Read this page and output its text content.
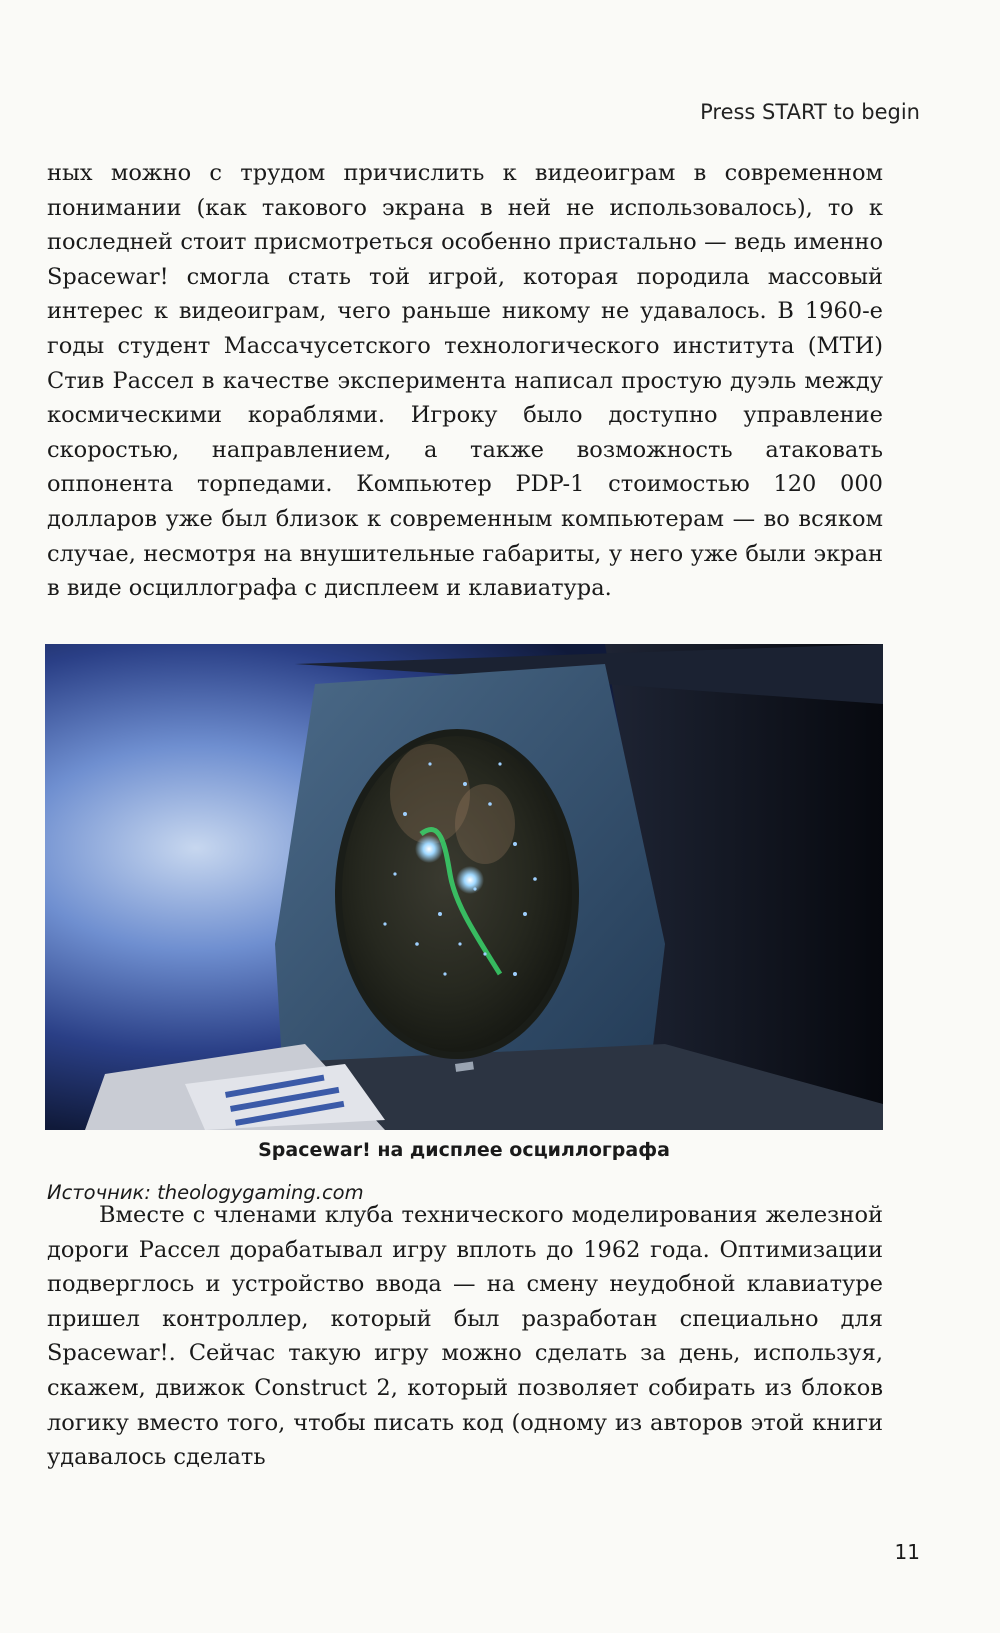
Press START to begin

ных можно с трудом причислить к видеоиграм в современном понимании (как такового экрана в ней не использовалось), то к последней стоит присмотреться особенно пристально — ведь именно Spacewar! смогла стать той игрой, которая породила массовый интерес к видеоиграм, чего раньше никому не удавалось. В 1960-е годы студент Массачусетского технологического института (МТИ) Стив Рассел в качестве эксперимента написал простую дуэль между космическими кораблями. Игроку было доступно управление скоростью, направлением, а также возможность атаковать оппонента торпедами. Компьютер PDP-1 стоимостью 120 000 долларов уже был близок к современным компьютерам — во всяком случае, несмотря на внушительные габариты, у него уже были экран в виде осциллографа с дисплеем и клавиатура.

Spacewar! на дисплее осциллографа
Источник: theologygaming.com

Вместе с членами клуба технического моделирования железной дороги Рассел дорабатывал игру вплоть до 1962 года. Оптимизации подверглось и устройство ввода — на смену неудобной клавиатуре пришел контроллер, который был разработан специально для Spacewar!. Сейчас такую игру можно сделать за день, используя, скажем, движок Construct 2, который позволяет собирать из блоков логику вместо того, чтобы писать код (одному из авторов этой книги удавалось сделать

11
